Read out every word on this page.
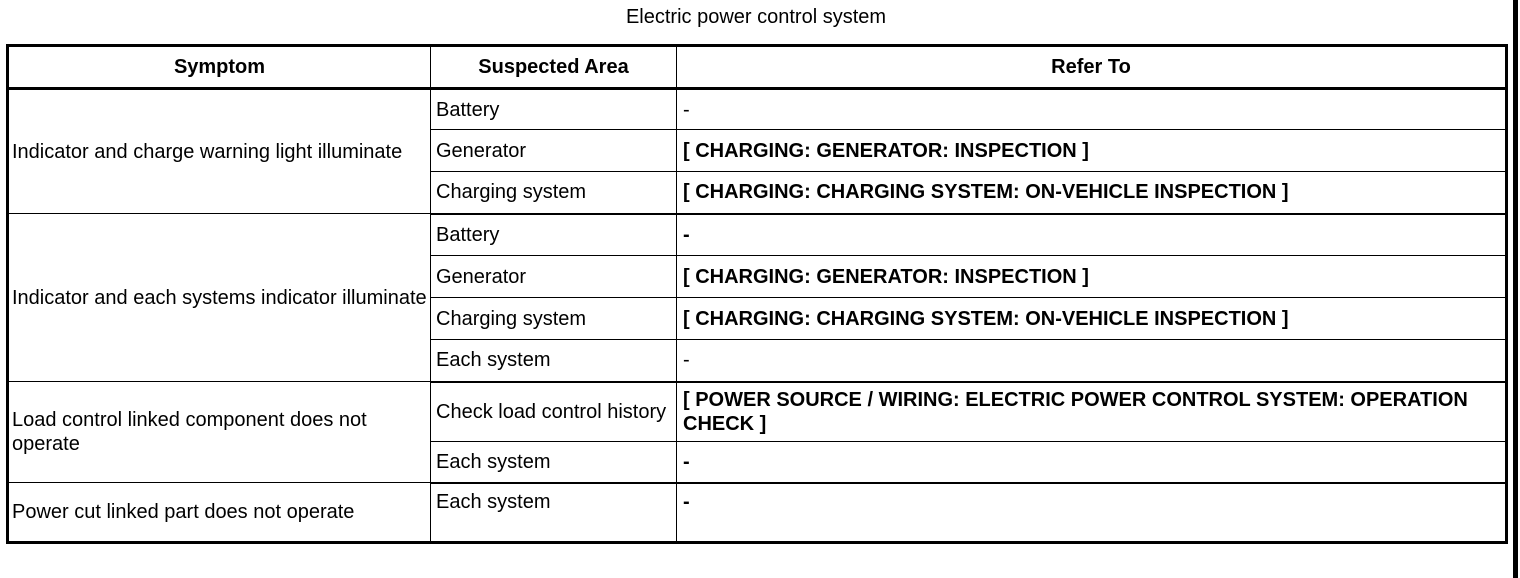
Electric power control system
Symptom	Suspected Area	Refer To
Indicator and charge warning light illuminate	Battery	-
	Generator	[ CHARGING: GENERATOR: INSPECTION ]
	Charging system	[ CHARGING: CHARGING SYSTEM: ON-VEHICLE INSPECTION ]
Indicator and each systems indicator illuminate	Battery	-
	Generator	[ CHARGING: GENERATOR: INSPECTION ]
	Charging system	[ CHARGING: CHARGING SYSTEM: ON-VEHICLE INSPECTION ]
	Each system	-
Load control linked component does not operate	Check load control history	[ POWER SOURCE / WIRING: ELECTRIC POWER CONTROL SYSTEM: OPERATION CHECK ]
	Each system	-
Power cut linked part does not operate	Each system	-
